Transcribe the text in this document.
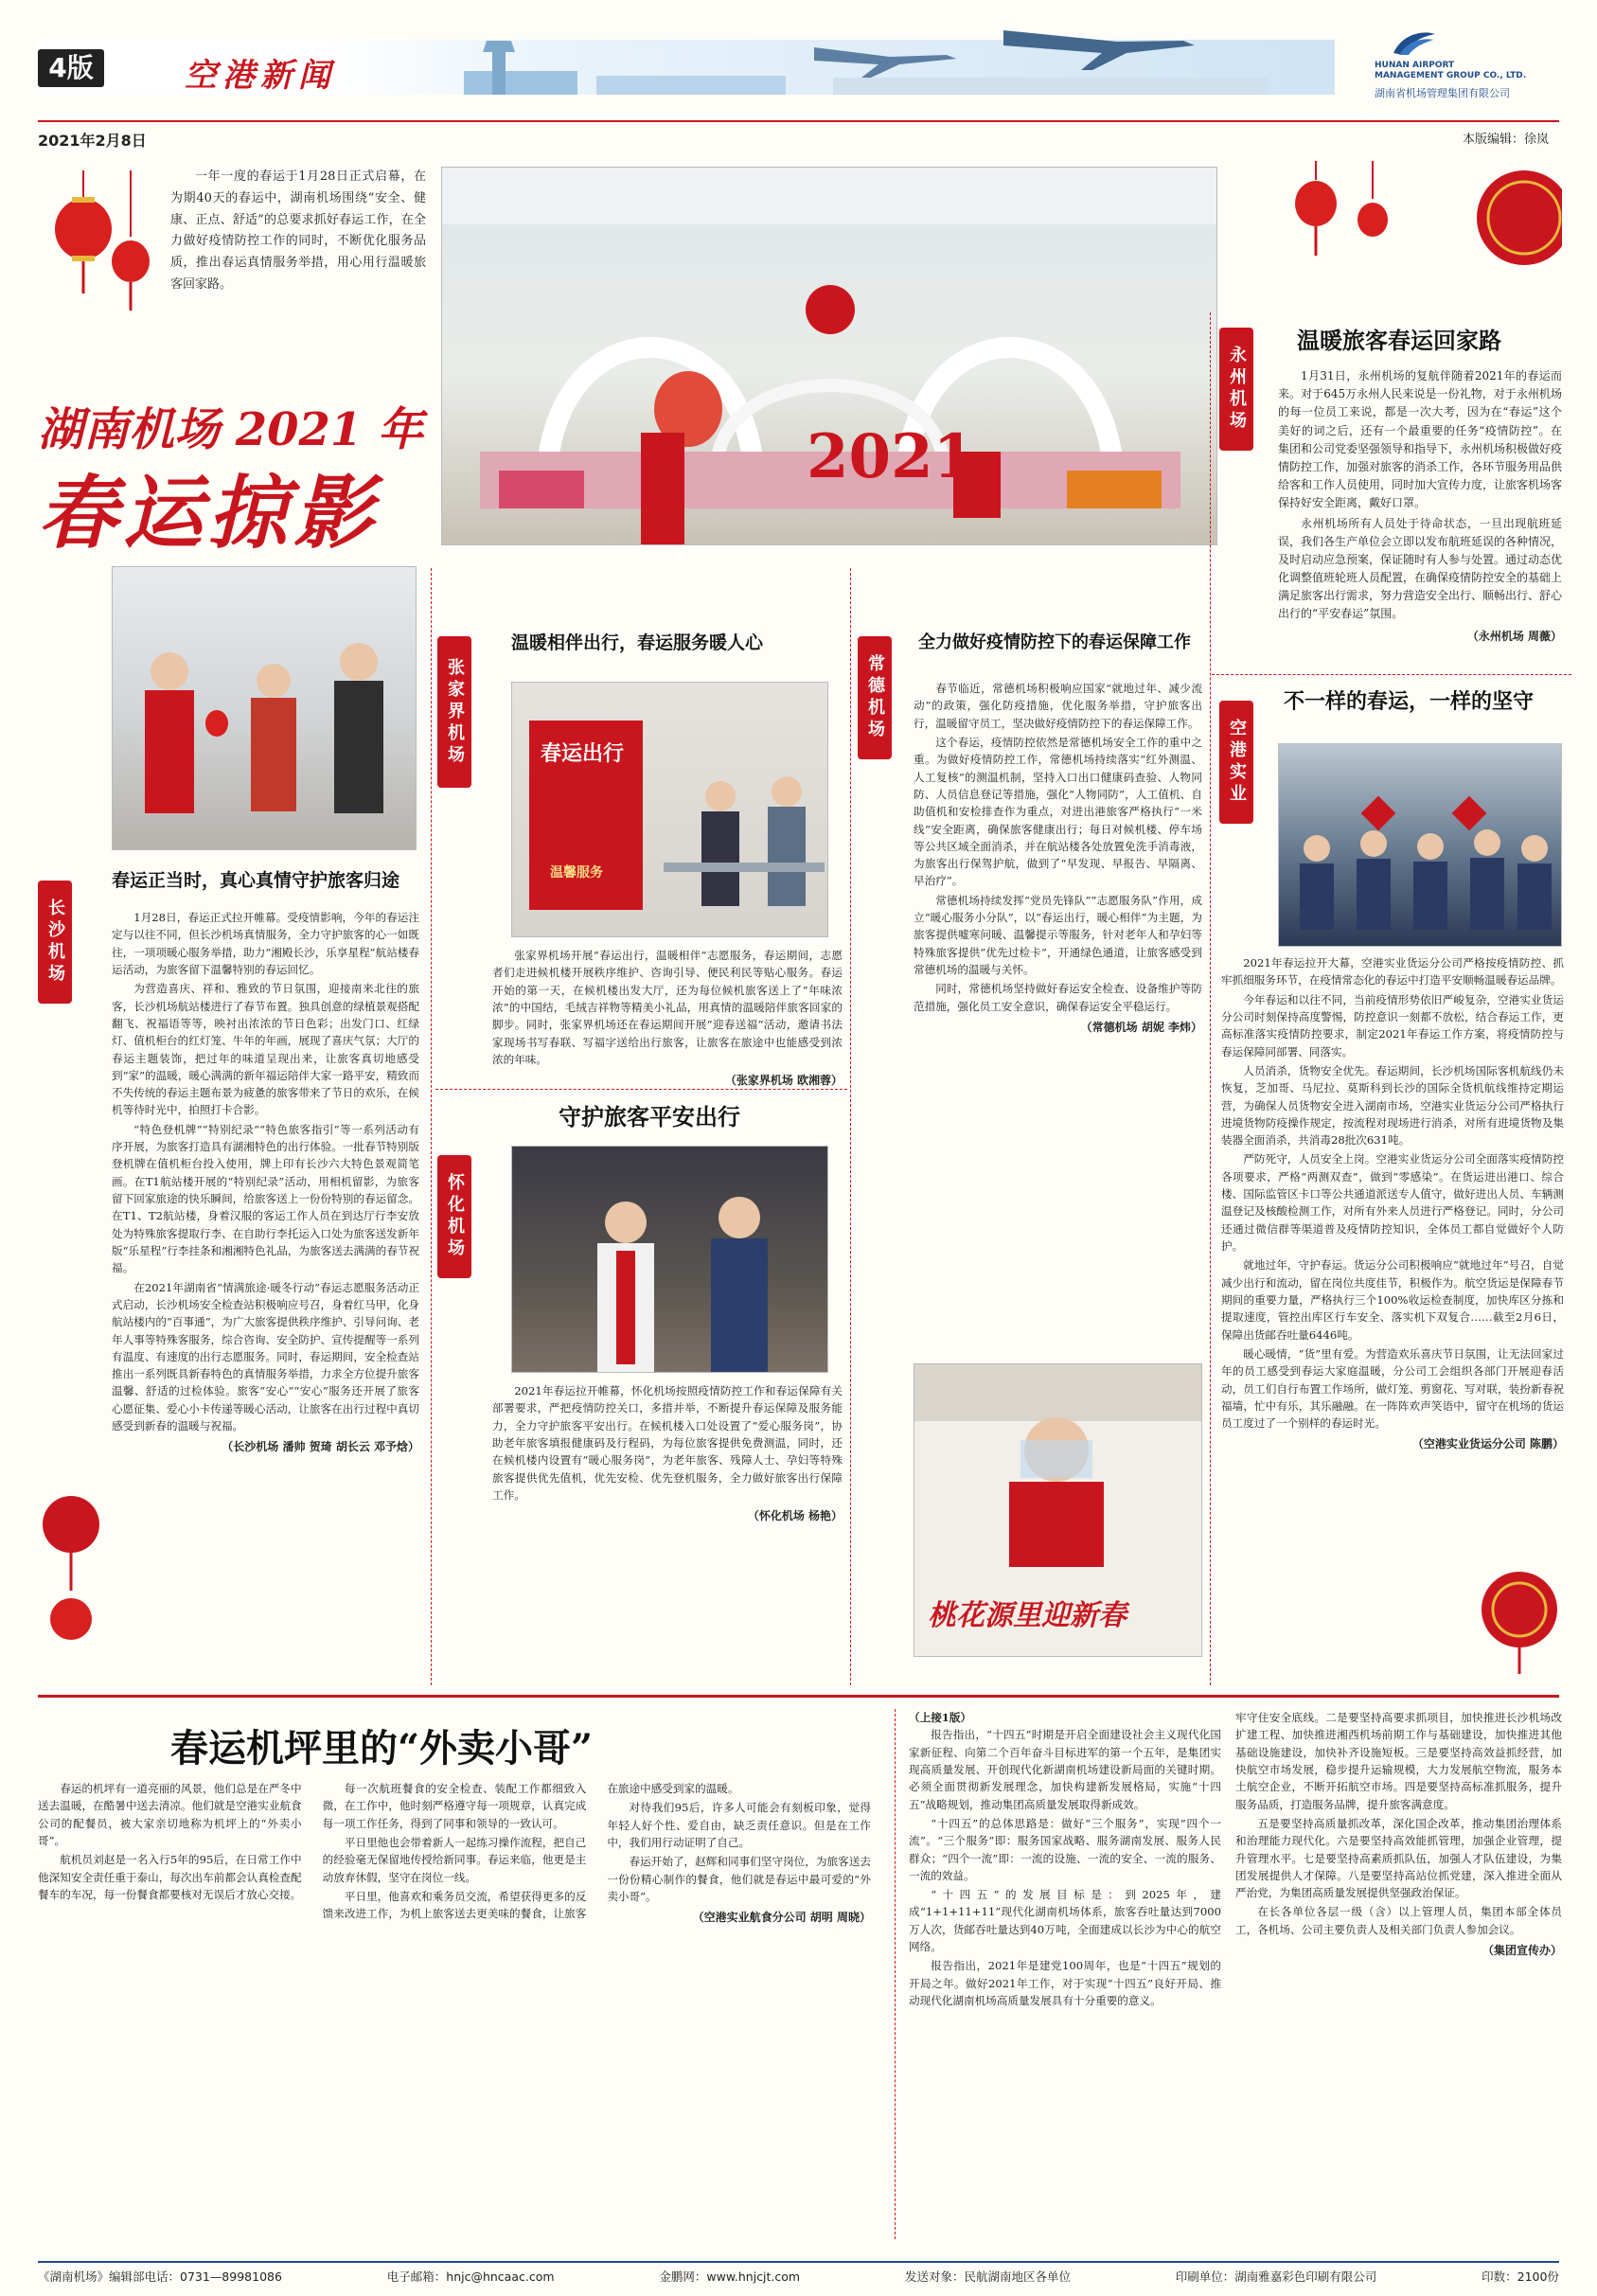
4版	空港新闻	HUNAN AIRPORT
MANAGEMENT GROUP CO., LTD.
湖南省机场管理集团有限公司
2021年2月8日	本版编辑：徐岚

一年一度的春运于1月28日正式启幕，在为期40天的春运中，湖南机场围绕“安全、健康、正点、舒适”的总要求抓好春运工作，在全力做好疫情防控工作的同时，不断优化服务品质，推出春运真情服务举措，用心用行温暖旅客回家路。

湖南机场 2021 年
春运掠影
2021
永州机场
温暖旅客春运回家路

1月31日，永州机场的复航伴随着2021年的春运而来。对于645万永州人民来说是一份礼物，对于永州机场的每一位员工来说，都是一次大考，因为在“春运”这个美好的词之后，还有一个最重要的任务“疫情防控”。在集团和公司党委坚强领导和指导下，永州机场积极做好疫情防控工作，加强对旅客的消杀工作，各环节服务用品供给客和工作人员使用，同时加大宣传力度，让旅客机场客保持好安全距离，戴好口罩。

永州机场所有人员处于待命状态，一旦出现航班延误，我们各生产单位会立即以发布航班延误的各种情况，及时启动应急预案，保证随时有人参与处置。通过动态优化调整值班轮班人员配置，在确保疫情防控安全的基础上满足旅客出行需求，努力营造安全出行、顺畅出行、舒心出行的“平安春运”氛围。

（永州机场 周薇）
空港实业
不一样的春运，一样的坚守

2021年春运拉开大幕，空港实业货运分公司严格按疫情防控、抓牢抓细服务环节，在疫情常态化的春运中打造平安顺畅温暖春运品牌。

今年春运和以往不同，当前疫情形势依旧严峻复杂，空港实业货运分公司时刻保持高度警惕，防控意识一刻都不放松，结合春运工作，更高标准落实疫情防控要求，制定2021年春运工作方案，将疫情防控与春运保障同部署、同落实。

人员消杀，货物安全优先。春运期间，长沙机场国际客机航线仍未恢复，芝加哥、马尼拉、莫斯科到长沙的国际全货机航线维持定期运营，为确保人员货物安全进入湖南市场，空港实业货运分公司严格执行进境货物防疫操作规定，按流程对现场进行消杀，对所有进境货物及集装器全面消杀，共消毒28批次631吨。

严防死守，人员安全上岗。空港实业货运分公司全面落实疫情防控各项要求，严格“两测双查”，做到“零感染”。在货运进出港口、综合楼、国际监管区卡口等公共通道派送专人值守，做好进出人员、车辆测温登记及核酸检测工作，对所有外来人员进行严格登记。同时，分公司还通过微信群等渠道普及疫情防控知识，全体员工都自觉做好个人防护。

就地过年，守护春运。货运分公司积极响应“就地过年”号召，自觉减少出行和流动，留在岗位共度佳节，积极作为。航空货运是保障春节期间的重要力量，严格执行三个100%收运检查制度，加快库区分拣和提取速度，管控出库区行车安全、落实机下双复合……截至2月6日，保障出货邮吞吐量6446吨。

暖心暖情，“货”里有爱。为营造欢乐喜庆节日氛围，让无法回家过年的员工感受到春运大家庭温暖，分公司工会组织各部门开展迎春活动，员工们自行布置工作场所，做灯笼、剪窗花、写对联，装扮新春祝福墙，忙中有乐，其乐融融。在一阵阵欢声笑语中，留守在机场的货运员工度过了一个别样的春运时光。

（空港实业货运分公司 陈鹏）
长沙机场
春运正当时，真心真情守护旅客归途

1月28日，春运正式拉开帷幕。受疫情影响，今年的春运注定与以往不同，但长沙机场真情服务，全力守护旅客的心一如既往，一项项暖心服务举措，助力“湘殿长沙，乐享星程”航站楼春运活动，为旅客留下温馨特别的春运回忆。

为营造喜庆、祥和、雅致的节日氛围，迎接南来北往的旅客，长沙机场航站楼进行了春节布置。独具创意的绿植景观搭配翻飞、祝福语等等，映衬出浓浓的节日色彩；出发门口、红绿灯、值机柜台的红灯笼、牛年的年画，展现了喜庆气氛；大厅的春运主题装饰，把过年的味道呈现出来，让旅客真切地感受到“家”的温暖，暖心满满的新年福运陪伴大家一路平安，精致而不失传统的春运主题布景为疲惫的旅客带来了节日的欢乐，在候机等待时光中，拍照打卡合影。

“特色登机牌”“特别纪录”“特色旅客指引”等一系列活动有序开展，为旅客打造具有湖湘特色的出行体验。一批春节特别版登机牌在值机柜台投入使用，牌上印有长沙六大特色景观简笔画。在T1航站楼开展的“特别纪录”活动，用相机留影，为旅客留下回家旅途的快乐瞬间，给旅客送上一份份特别的春运留念。在T1、T2航站楼，身着汉服的客运工作人员在到达厅行李安放处为特殊旅客提取行李、在自助行李托运入口处为旅客送发新年版“乐星程”行李挂条和湘湘特色礼品，为旅客送去满满的春节祝福。

在2021年湖南省“情满旅途·暖冬行动”春运志愿服务活动正式启动，长沙机场安全检查站积极响应号召，身着红马甲，化身航站楼内的“百事通”，为广大旅客提供秩序维护、引导问询、老年人事等特殊客服务，综合咨询、安全防护、宣传提醒等一系列有温度、有速度的出行志愿服务。同时，春运期间，安全检查站推出一系列既具新春特色的真情服务举措，力求全方位提升旅客温馨、舒适的过检体验。旅客“安心”“安心”服务还开展了旅客心愿征集、爱心小卡传递等暖心活动，让旅客在出行过程中真切感受到新春的温暖与祝福。

（长沙机场 潘帅 贺琦 胡长云 邓予焓）
张家界机场
温暖相伴出行，春运服务暖人心
春运出行
温馨服务

张家界机场开展“春运出行，温暖相伴”志愿服务，春运期间，志愿者们走进候机楼开展秩序维护、咨询引导、便民利民等贴心服务。春运开始的第一天，在候机楼出发大厅，还为每位候机旅客送上了“年味浓浓”的中国结，毛绒吉祥物等精美小礼品，用真情的温暖陪伴旅客回家的脚步。同时，张家界机场还在春运期间开展“迎春送福”活动，邀请书法家现场书写春联、写福字送给出行旅客，让旅客在旅途中也能感受到浓浓的年味。

（张家界机场 欧湘蓉）
怀化机场
守护旅客平安出行

2021年春运拉开帷幕，怀化机场按照疫情防控工作和春运保障有关部署要求，严把疫情防控关口，多措并举，不断提升春运保障及服务能力，全力守护旅客平安出行。在候机楼入口处设置了“爱心服务岗”，协助老年旅客填报健康码及行程码，为每位旅客提供免费测温，同时，还在候机楼内设置有“暖心服务岗”，为老年旅客、残障人士、孕妇等特殊旅客提供优先值机，优先安检、优先登机服务，全力做好旅客出行保障工作。

（怀化机场 杨艳）
常德机场
全力做好疫情防控下的春运保障工作

春节临近，常德机场积极响应国家“就地过年、减少流动”的政策，强化防疫措施，优化服务举措，守护旅客出行，温暖留守员工，坚决做好疫情防控下的春运保障工作。

这个春运，疫情防控依然是常德机场安全工作的重中之重。为做好疫情防控工作，常德机场持续落实“红外测温、人工复核”的测温机制，坚持入口出口健康码查验、人物同防、人员信息登记等措施，强化“人物同防”，人工值机、自助值机和安检排查作为重点，对进出港旅客严格执行“一米线”安全距离，确保旅客健康出行；每日对候机楼、停车场等公共区域全面消杀，并在航站楼各处放置免洗手消毒液，为旅客出行保驾护航，做到了“早发现、早报告、早隔离、早治疗”。

常德机场持续发挥“党员先锋队”“志愿服务队”作用，成立“暖心服务小分队”，以“春运出行，暖心相伴”为主题，为旅客提供嘘寒问暖、温馨提示等服务，针对老年人和孕妇等特殊旅客提供“优先过检卡”，开通绿色通道，让旅客感受到常德机场的温暖与关怀。

同时，常德机场坚持做好春运安全检查、设备维护等防范措施，强化员工安全意识，确保春运安全平稳运行。

（常德机场 胡妮 李炜）
桃花源里迎新春
春运机坪里的“外卖小哥”

春运的机坪有一道亮丽的风景，他们总是在严冬中送去温暖，在酷暑中送去清凉。他们就是空港实业航食公司的配餐员，被大家亲切地称为机坪上的“外卖小哥”。

航机员刘赵是一名入行5年的95后，在日常工作中他深知安全责任重于泰山，每次出车前都会认真检查配餐车的车况，每一份餐食都要核对无误后才放心交接。

每一次航班餐食的安全检查、装配工作都细致入微，在工作中，他时刻严格遵守每一项规章，认真完成每一项工作任务，得到了同事和领导的一致认可。

平日里他也会带着新人一起练习操作流程，把自己的经验毫无保留地传授给新同事。春运来临，他更是主动放弃休假，坚守在岗位一线。

平日里，他喜欢和乘务员交流，希望获得更多的反馈来改进工作，为机上旅客送去更美味的餐食，让旅客在旅途中感受到家的温暖。

对待我们95后，许多人可能会有刻板印象，觉得年轻人好个性、爱自由，缺乏责任意识。但是在工作中，我们用行动证明了自己。

春运开始了，赵辉和同事们坚守岗位，为旅客送去一份份精心制作的餐食，他们就是春运中最可爱的“外卖小哥”。

（空港实业航食分公司 胡明 周晓）
（上接1版）

报告指出，“十四五”时期是开启全面建设社会主义现代化国家新征程、向第二个百年奋斗目标进军的第一个五年，是集团实现高质量发展、开创现代化新湖南机场建设新局面的关键时期。必须全面贯彻新发展理念，加快构建新发展格局，实施“十四五”战略规划，推动集团高质量发展取得新成效。

“十四五”的总体思路是：做好“三个服务”，实现“四个一流”。“三个服务”即：服务国家战略、服务湖南发展、服务人民群众；“四个一流”即：一流的设施、一流的安全、一流的服务、一流的效益。

“十四五”的发展目标是：到2025年，建成“1+1+11+11”现代化湖南机场体系，旅客吞吐量达到7000万人次，货邮吞吐量达到40万吨，全面建成以长沙为中心的航空网络。

报告指出，2021年是建党100周年，也是“十四五”规划的开局之年。做好2021年工作，对于实现“十四五”良好开局、推动现代化湖南机场高质量发展具有十分重要的意义。

牢守住安全底线。二是要坚持高要求抓项目，加快推进长沙机场改扩建工程、加快推进湘西机场前期工作与基础建设，加快推进其他基础设施建设，加快补齐设施短板。三是要坚持高效益抓经营，加快航空市场发展，稳步提升运输规模，大力发展航空物流，服务本土航空企业，不断开拓航空市场。四是要坚持高标准抓服务，提升服务品质，打造服务品牌，提升旅客满意度。

五是要坚持高质量抓改革，深化国企改革，推动集团治理体系和治理能力现代化。六是要坚持高效能抓管理，加强企业管理，提升管理水平。七是要坚持高素质抓队伍，加强人才队伍建设，为集团发展提供人才保障。八是要坚持高站位抓党建，深入推进全面从严治党，为集团高质量发展提供坚强政治保证。

在长各单位各层一级（含）以上管理人员，集团本部全体员工，各机场、公司主要负责人及相关部门负责人参加会议。

（集团宣传办）
《湖南机场》编辑部电话：0731—89981086	电子邮箱：hnjc@hncaac.com	金鹏网：www.hnjcjt.com	发送对象：民航湖南地区各单位	印刷单位：湖南雅嘉彩色印刷有限公司	印数：2100份
